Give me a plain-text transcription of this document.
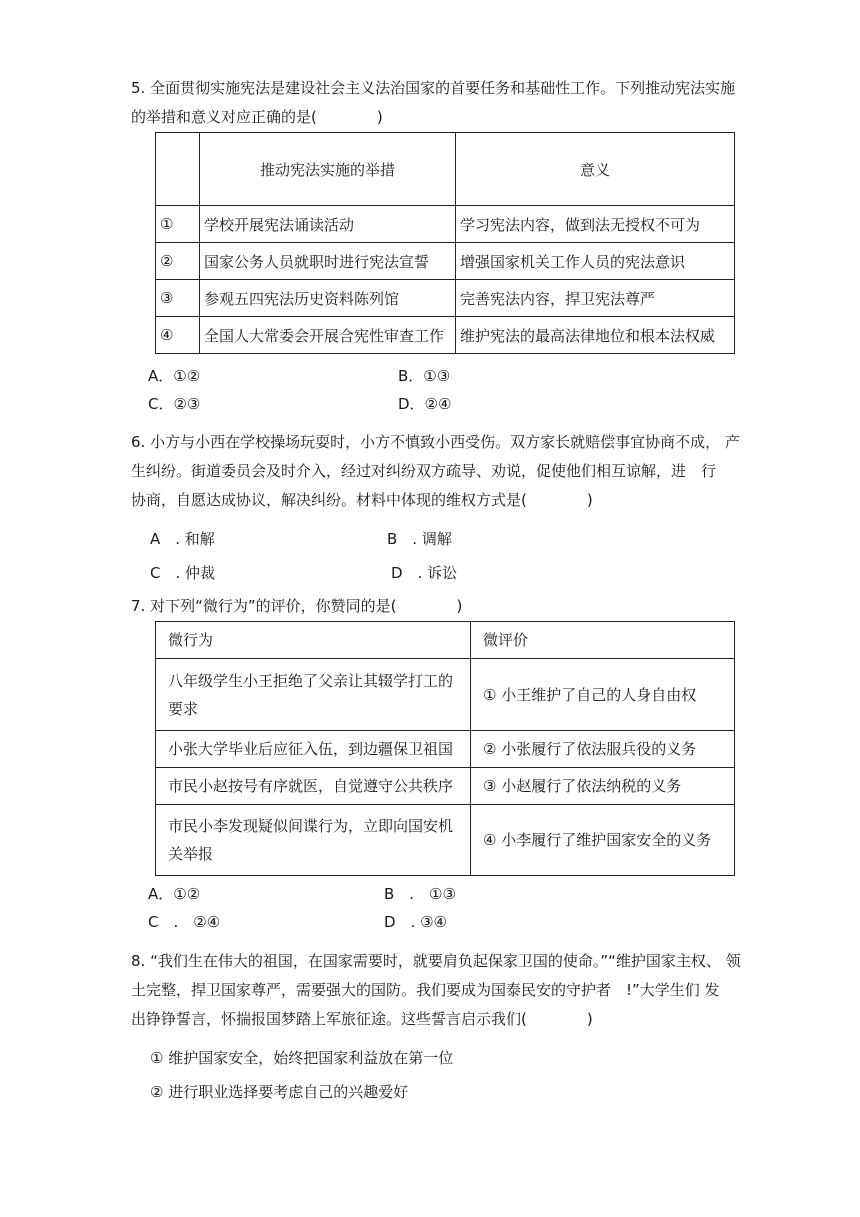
5. 全面贯彻实施宪法是建设社会主义法治国家的首要任务和基础性工作。下列推动宪法实施
的举措和意义对应正确的是(　　　　)
	推动宪法实施的举措	意义
①	学校开展宪法诵读活动	学习宪法内容，做到法无授权不可为
②	国家公务人员就职时进行宪法宣誓	增强国家机关工作人员的宪法意识
③	参观五四宪法历史资料陈列馆	完善宪法内容，捍卫宪法尊严
④	全国人大常委会开展合宪性审查工作	维护宪法的最高法律地位和根本法权威
A．①②	B．①③
C．②③	D．②④
6. 小方与小西在学校操场玩耍时，小方不慎致小西受伤。双方家长就赔偿事宜协商不成， 产
生纠纷。街道委员会及时介入，经过对纠纷双方疏导、劝说，促使他们相互谅解，进　行
协商，自愿达成协议，解决纠纷。材料中体现的维权方式是(　　　　)
A　. 和解	B　. 调解
C　. 仲裁	D　. 诉讼
7. 对下列“微行为”的评价，你赞同的是(　　　　)
微行为	微评价
八年级学生小王拒绝了父亲让其辍学打工的要求	① 小王维护了自己的人身自由权
小张大学毕业后应征入伍，到边疆保卫祖国	② 小张履行了依法服兵役的义务
市民小赵按号有序就医，自觉遵守公共秩序	③ 小赵履行了依法纳税的义务
市民小李发现疑似间谍行为，立即向国安机关举报	④ 小李履行了维护国家安全的义务
A．①②	B　.　①③
C　.　②④	D　. ③④
8. “我们生在伟大的祖国，在国家需要时，就要肩负起保家卫国的使命。”“维护国家主权、 领
土完整，捍卫国家尊严，需要强大的国防。我们要成为国泰民安的守护者　!”大学生们 发
出铮铮誓言，怀揣报国梦踏上军旅征途。这些誓言启示我们(　　　　)
① 维护国家安全，始终把国家利益放在第一位
② 进行职业选择要考虑自己的兴趣爱好
